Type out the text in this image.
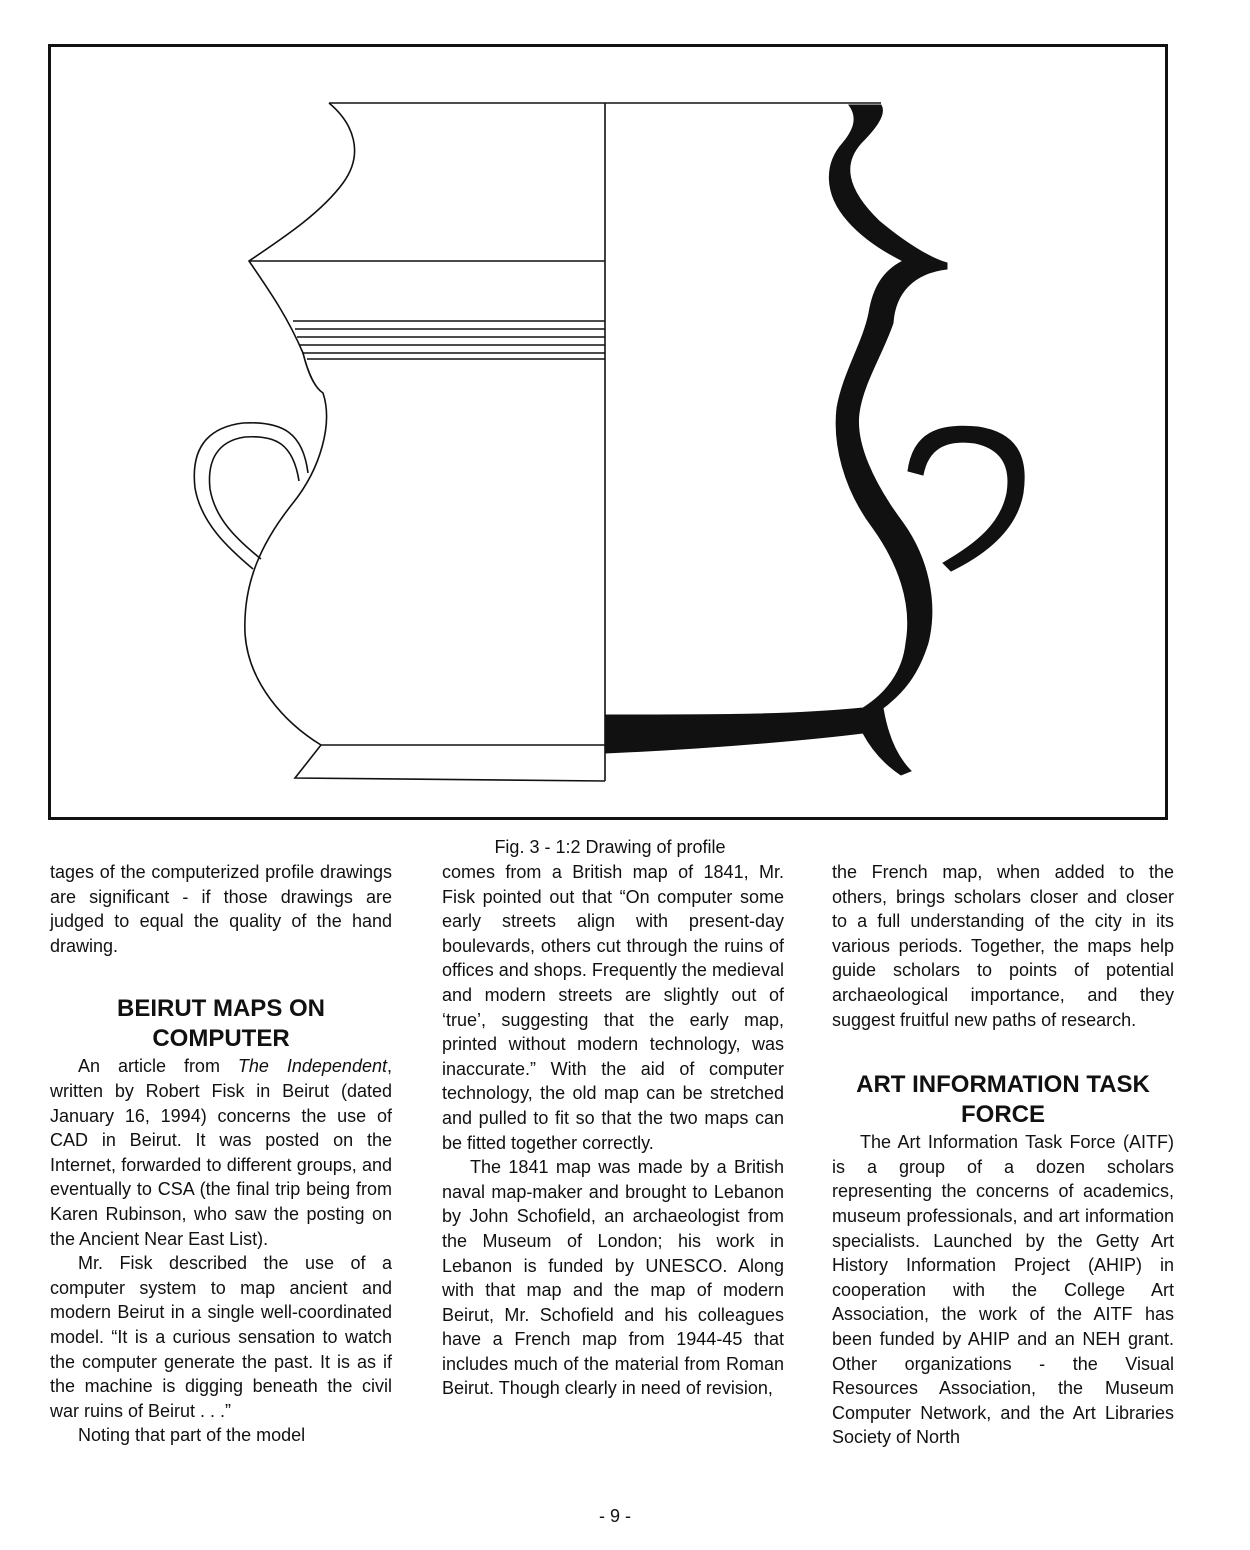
Fig. 3 - 1:2 Drawing of profile

tages of the computerized profile drawings are significant - if those drawings are judged to equal the quality of the hand drawing.

BEIRUT MAPS ON COMPUTER

An article from The Independent, written by Robert Fisk in Beirut (dated January 16, 1994) concerns the use of CAD in Beirut. It was posted on the Internet, forwarded to different groups, and eventually to CSA (the final trip being from Karen Rubinson, who saw the posting on the Ancient Near East List).

Mr. Fisk described the use of a computer system to map ancient and modern Beirut in a single well-coordinated model. “It is a curious sensation to watch the computer generate the past. It is as if the machine is digging beneath the civil war ruins of Beirut . . .”

Noting that part of the model

comes from a British map of 1841, Mr. Fisk pointed out that “On computer some early streets align with present-day boulevards, others cut through the ruins of offices and shops. Frequently the medieval and modern streets are slightly out of ‘true’, suggesting that the early map, printed without modern technology, was inaccurate.” With the aid of computer technology, the old map can be stretched and pulled to fit so that the two maps can be fitted together correctly.

The 1841 map was made by a British naval map-maker and brought to Lebanon by John Schofield, an archaeologist from the Museum of London; his work in Lebanon is funded by UNESCO. Along with that map and the map of modern Beirut, Mr. Schofield and his colleagues have a French map from 1944-45 that includes much of the material from Roman Beirut. Though clearly in need of revision,

the French map, when added to the others, brings scholars closer and closer to a full understanding of the city in its various periods. Together, the maps help guide scholars to points of potential archaeological importance, and they suggest fruitful new paths of research.

ART INFORMATION TASK FORCE

The Art Information Task Force (AITF) is a group of a dozen scholars representing the concerns of academics, museum professionals, and art information specialists. Launched by the Getty Art History Information Project (AHIP) in cooperation with the College Art Association, the work of the AITF has been funded by AHIP and an NEH grant. Other organizations - the Visual Resources Association, the Museum Computer Network, and the Art Libraries Society of North

- 9 -
